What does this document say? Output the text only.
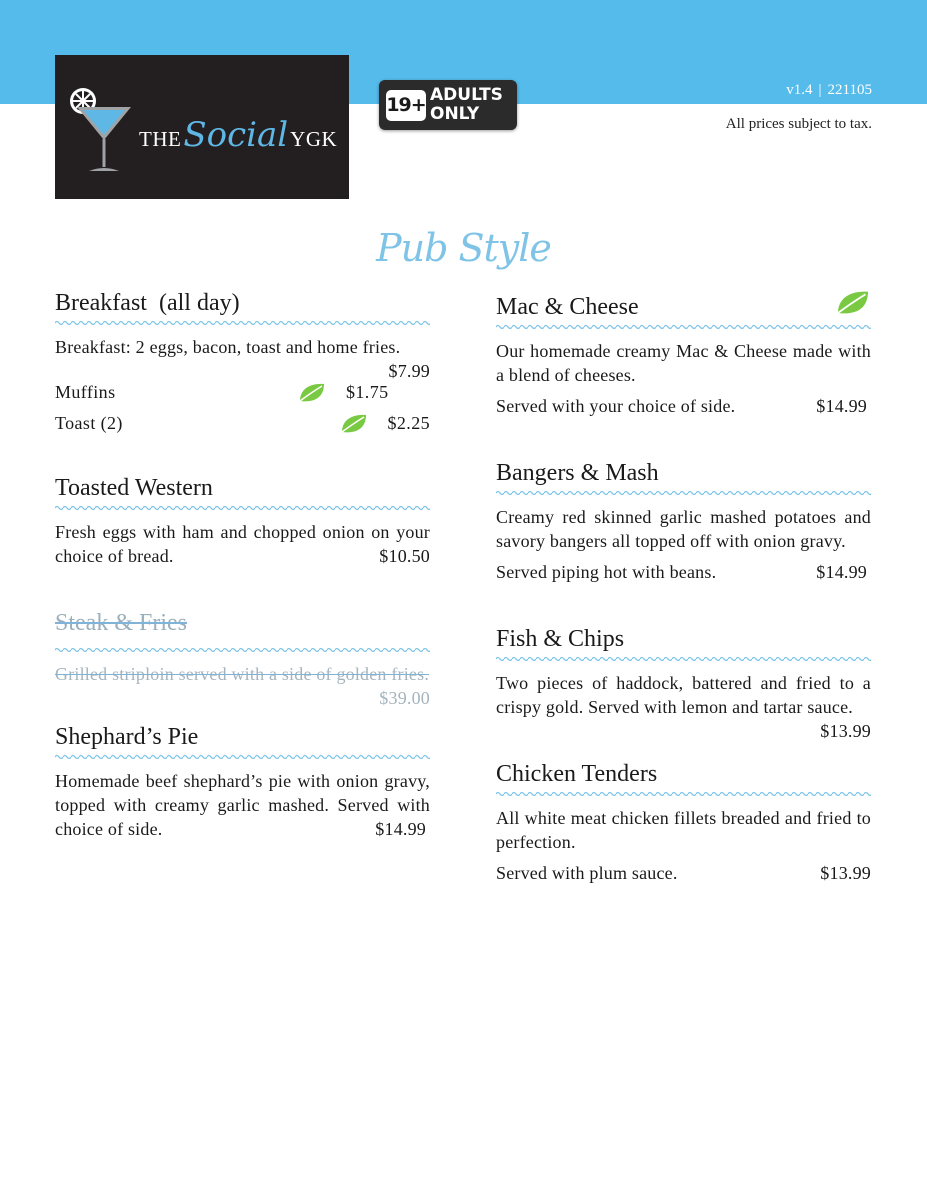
THESocialYGK
19+ ADULTS ONLY
v1.4 | 221105
All prices subject to tax.
Pub Style
Breakfast  (all day)
Breakfast: 2 eggs, bacon, toast and home fries.
$7.99
Muffins	$1.75
Toast (2)	$2.25
Toasted Western
Fresh eggs with ham and chopped onion on your choice of bread.	$10.50
Steak & Fries
Grilled striploin served with a side of golden fries.
$39.00
Shephard’s Pie
Homemade beef shephard’s pie with onion gravy, topped with creamy garlic mashed. Served with choice of side.	$14.99
Mac & Cheese
Our homemade creamy Mac & Cheese made with a blend of cheeses.
Served with your choice of side.	$14.99
Bangers & Mash
Creamy red skinned garlic mashed potatoes and savory bangers all topped off with onion gravy.
Served piping hot with beans.	$14.99
Fish & Chips
Two pieces of haddock, battered and fried to a crispy gold. Served with lemon and tartar sauce.
$13.99
Chicken Tenders
All white meat chicken fillets breaded and fried to perfection.
Served with plum sauce.	$13.99
